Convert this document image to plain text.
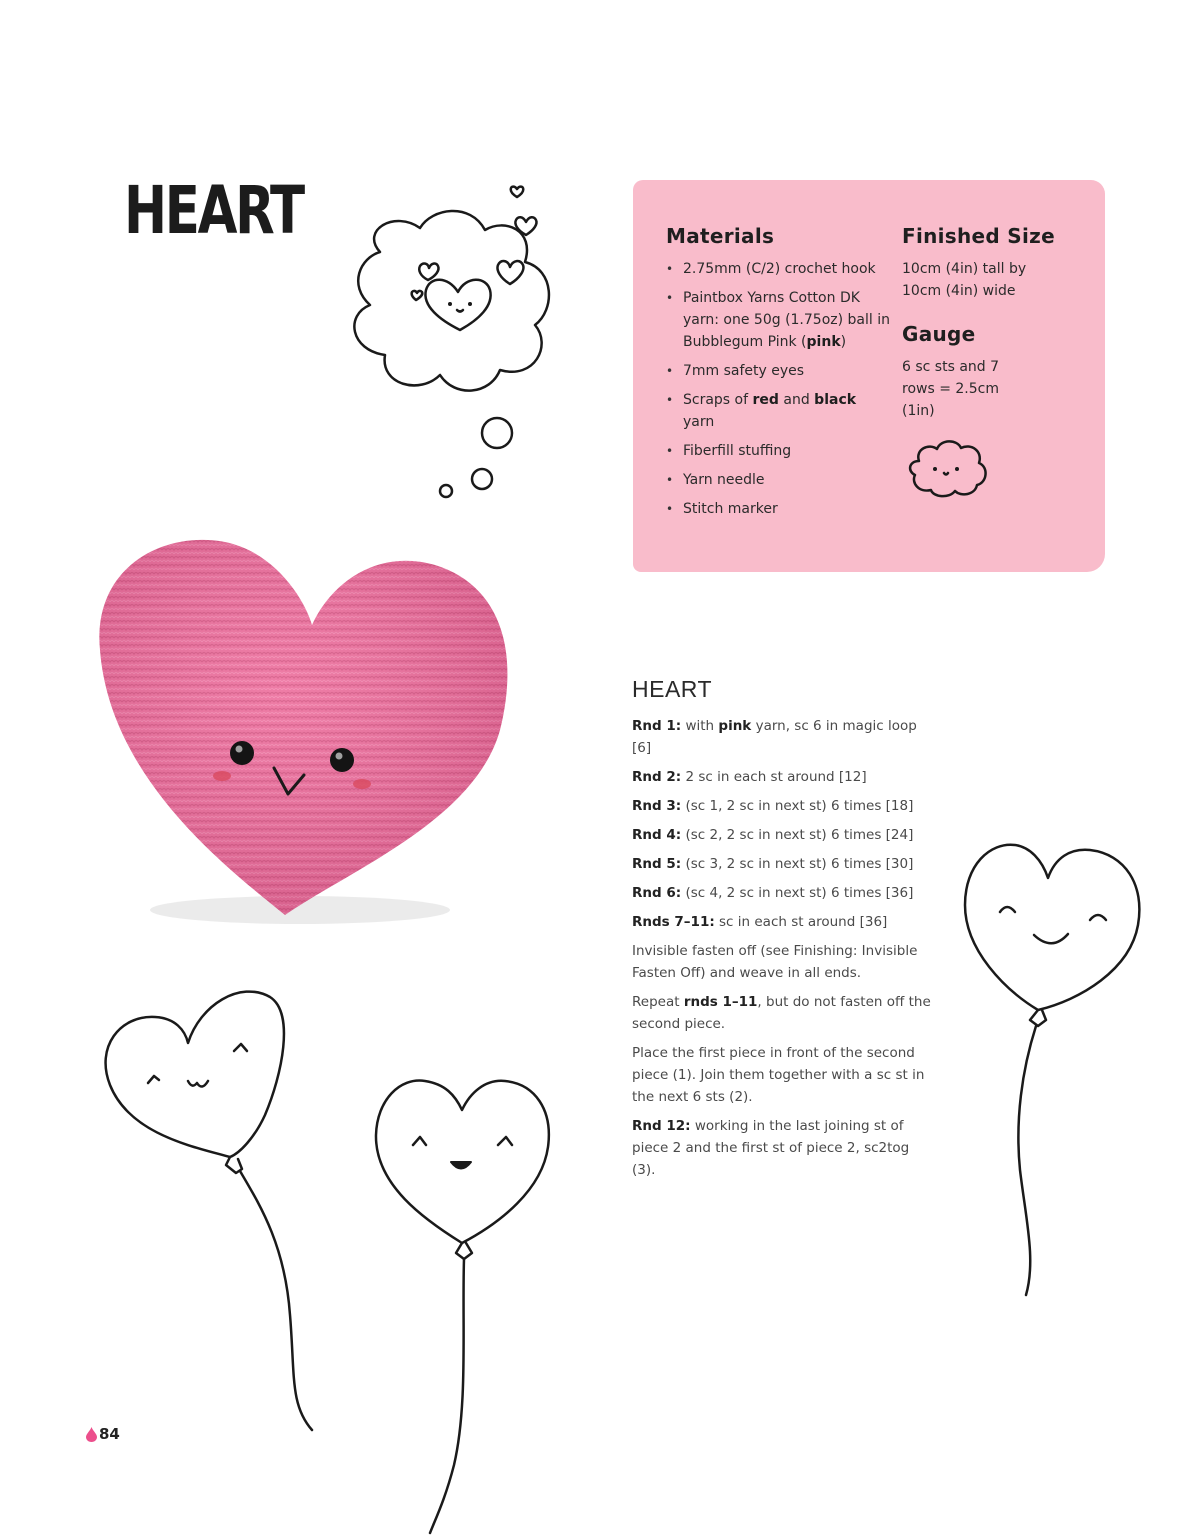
HEART	Materials
• 2.75mm (C/2) crochet hook
• Paintbox Yarns Cotton DK yarn: one 50g (1.75oz) ball in Bubblegum Pink (pink)
• 7mm safety eyes
• Scraps of red and black yarn
• Fiberfill stuffing
• Yarn needle
• Stitch marker
Finished Size

10cm (4in) tall by 10cm (4in) wide

Gauge

6 sc sts and 7 rows = 2.5cm (1in)

HEART

Rnd 1: with pink yarn, sc 6 in magic loop [6]

Rnd 2: 2 sc in each st around [12]

Rnd 3: (sc 1, 2 sc in next st) 6 times [18]

Rnd 4: (sc 2, 2 sc in next st) 6 times [24]

Rnd 5: (sc 3, 2 sc in next st) 6 times [30]

Rnd 6: (sc 4, 2 sc in next st) 6 times [36]

Rnds 7–11: sc in each st around [36]

Invisible fasten off (see Finishing: Invisible Fasten Off) and weave in all ends.

Repeat rnds 1–11, but do not fasten off the second piece.

Place the first piece in front of the second piece (1). Join them together with a sc st in the next 6 sts (2).

Rnd 12: working in the last joining st of piece 2 and the first st of piece 2, sc2tog (3).

84
